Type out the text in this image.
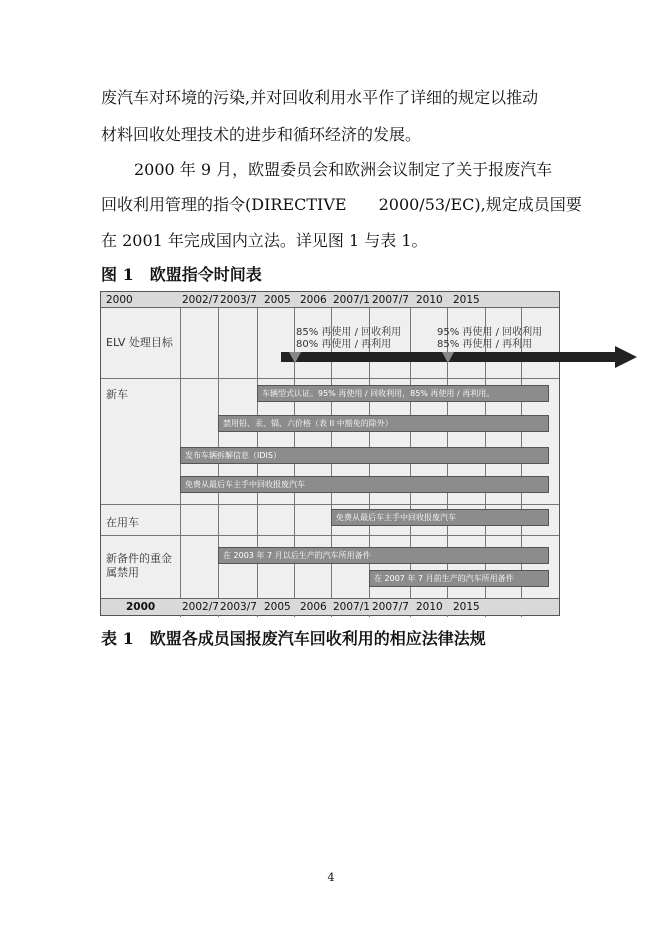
废汽车对环境的污染,并对回收利用水平作了详细的规定以推动
材料回收处理技术的进步和循环经济的发展。
2000 年 9 月，欧盟委员会和欧洲会议制定了关于报废汽车
回收利用管理的指令(DIRECTIVE　　2000/53/EC),规定成员国要
在 2001 年完成国内立法。详见图 1 与表 1。
图 1　欧盟指令时间表
2000	2002/7 2003/7 2005 2006 2007/1 2007/7 2010 2015
ELV 处理目标
新车
在用车
新备件的重金属禁用
85% 再使用 / 回收利用
80% 再使用 / 再利用
95% 再使用 / 回收利用
85% 再使用 / 再利用
车辆型式认证。95% 再使用 / 回收利用，85% 再使用 / 再利用。
禁用铅、汞、镉、六价格（表 II 中豁免的除外）
发布车辆拆解信息（IDIS）
免费从最后车主手中回收报废汽车
免费从最后车主手中回收报废汽车
在 2003 年 7 月以后生产的汽车所用备件
在 2007 年 7 月前生产的汽车所用备件
2000	2002/7 2003/7 2005 2006 2007/1 2007/7 2010 2015
表 1　欧盟各成员国报废汽车回收利用的相应法律法规
4
